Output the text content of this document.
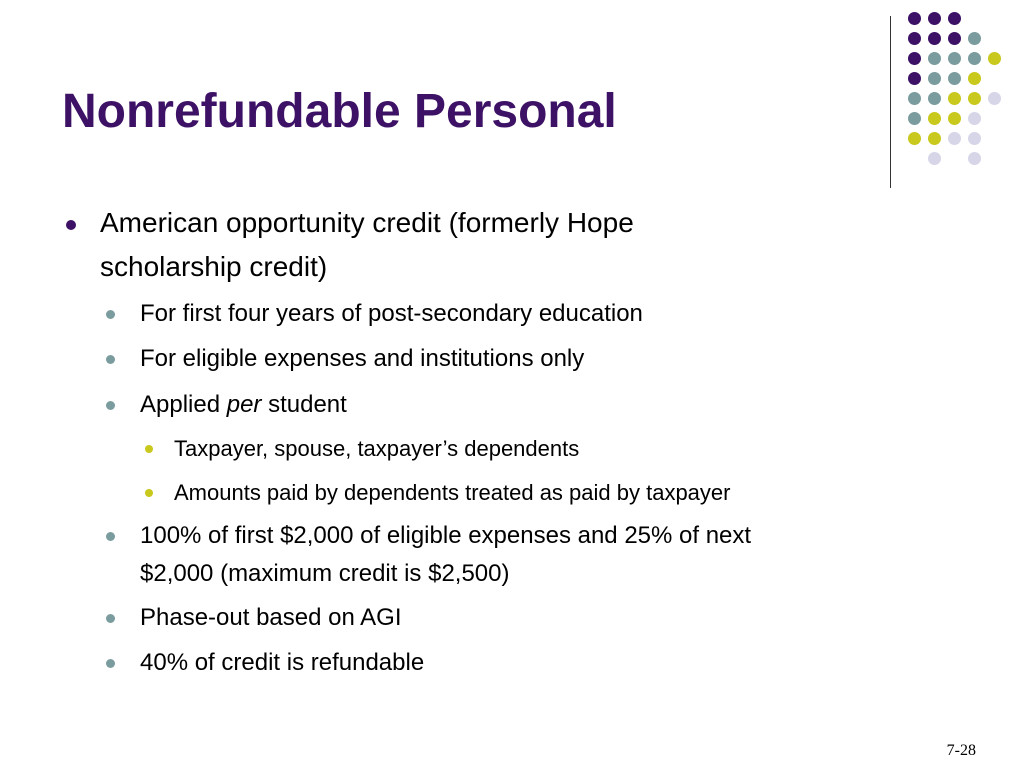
Nonrefundable Personal

American opportunity credit (formerly Hope

scholarship credit)

For first four years of post-secondary education

For eligible expenses and institutions only

Applied per student

Taxpayer, spouse, taxpayer’s dependents

Amounts paid by dependents treated as paid by taxpayer

100% of first $2,000 of eligible expenses and 25% of next

$2,000 (maximum credit is $2,500)

Phase-out based on AGI

40% of credit is refundable

7-28
